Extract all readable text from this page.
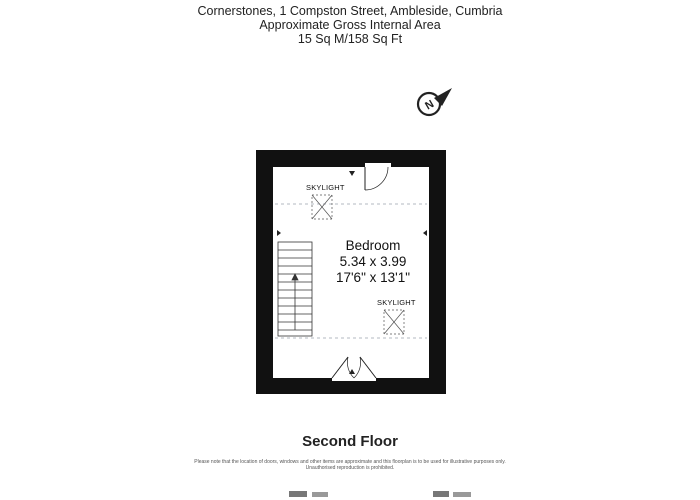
Cornerstones, 1 Compston Street, Ambleside, Cumbria
Approximate Gross Internal Area
15 Sq M/158 Sq Ft
N
SKYLIGHT
SKYLIGHT
Bedroom
5.34 x 3.99
17'6" x 13'1"
Second Floor
Please note that the location of doors, windows and other items are approximate and this floorplan is to be used for illustrative purposes only. Unauthorised reproduction is prohibited.
